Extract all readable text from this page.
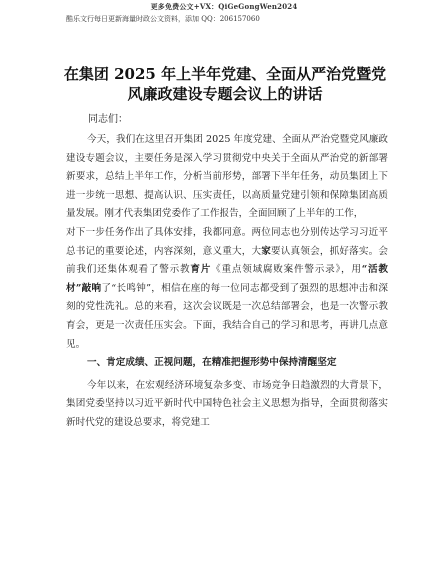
更多免费公文+VX：QiGeGongWen2024
酷乐文行每日更新海量时政公文资料，添加 QQ：206157060
在集团 2025 年上半年党建、全面从严治党暨党风廉政建设专题会议上的讲话
同志们：

今天，我们在这里召开集团 2025 年度党建、全面从严治党暨党风廉政建设专题会议，主要任务是深入学习贯彻党中央关于全面从严治党的新部署新要求，总结上半年工作，分析当前形势，部署下半年任务，动员集团上下进一步统一思想、提高认识、压实责任，以高质量党建引领和保障集团高质量发展。刚才代表集团党委作了工作报告，全面回顾了上半年的工作，

对下一步任务作出了具体安排，我都同意。两位同志也分别传达学习习近平总书记的重要论述，内容深刻，意义重大，大家要认真领会，抓好落实。会前我们还集体观看了警示教育片《重点领域腐败案件警示录》，用“活教材”敲响了“长鸣钟”，相信在座的每一位同志都受到了强烈的思想冲击和深刻的党性洗礼。总的来看，这次会议既是一次总结部署会，也是一次警示教育会，更是一次责任压实会。下面，我结合自己的学习和思考，再讲几点意见。

一、肯定成绩、正视问题，在精准把握形势中保持清醒坚定

今年以来，在宏观经济环境复杂多变、市场竞争日趋激烈的大背景下，集团党委坚持以习近平新时代中国特色社会主义思想为指导，全面贯彻落实新时代党的建设总要求，将党建工
